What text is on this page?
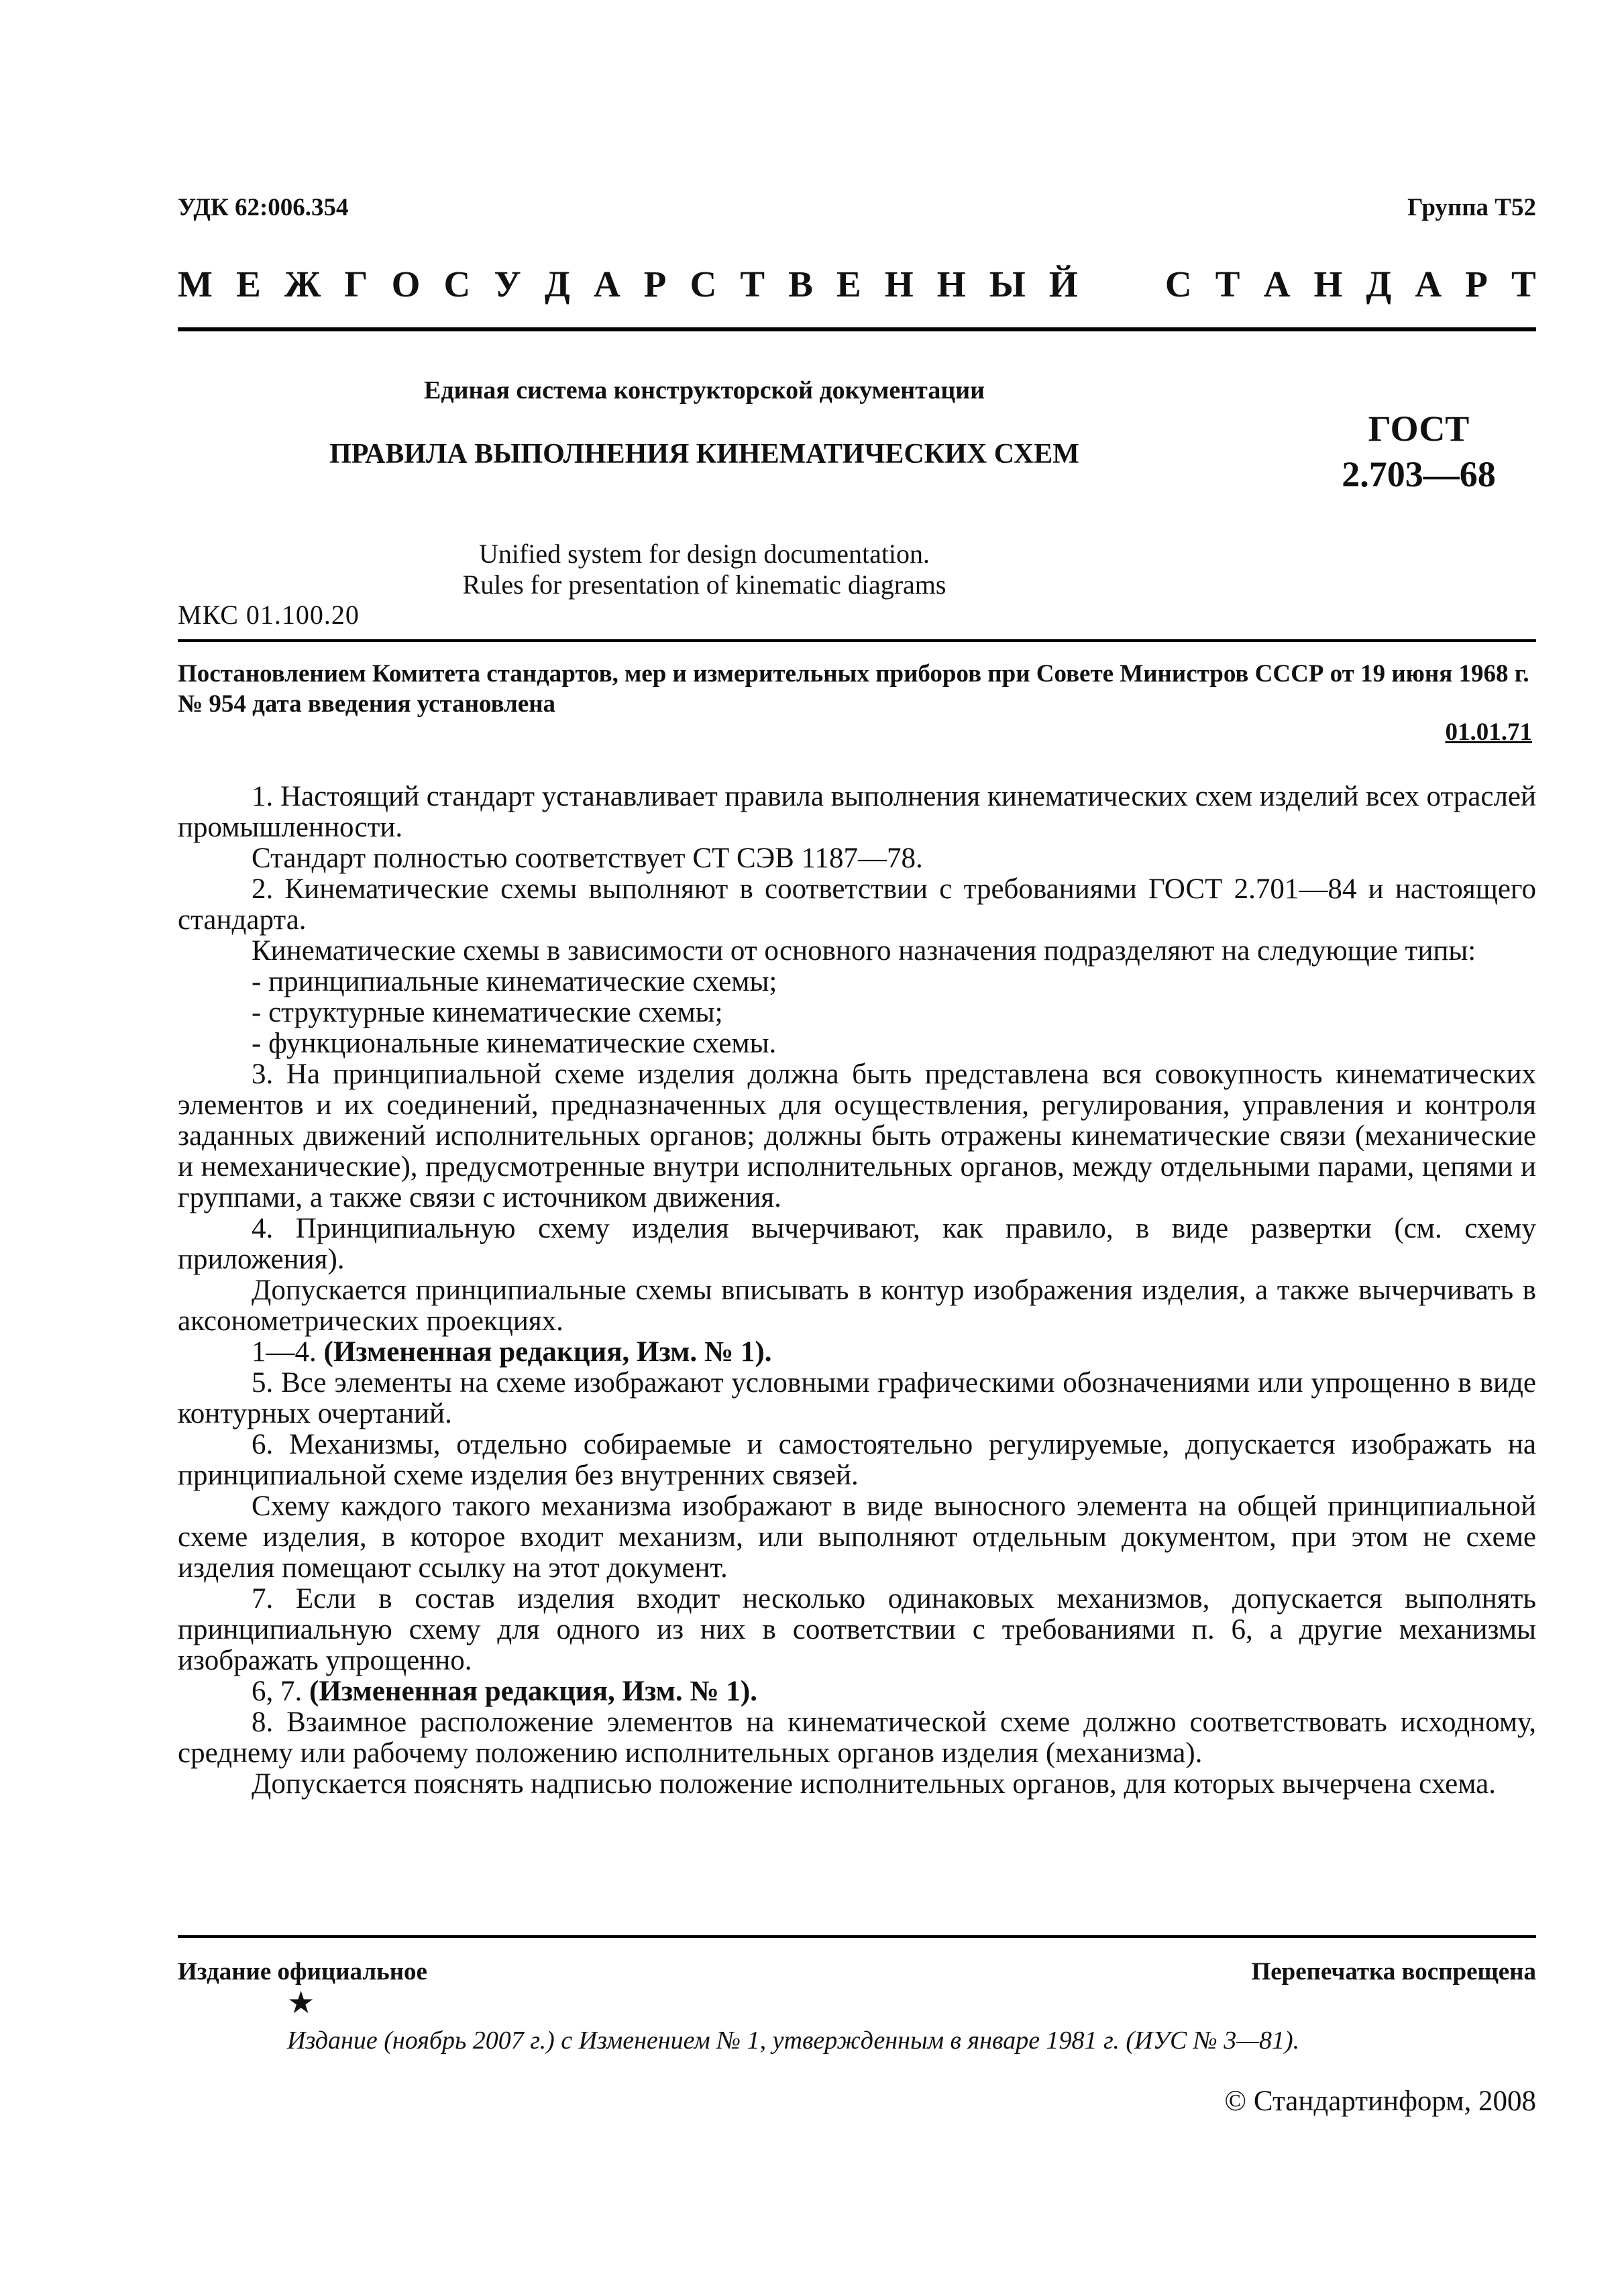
УДК 62:006.354	Группа Т52
М Е Ж Г О С У Д А Р С Т В Е Н Н Ы Й С Т А Н Д А Р Т
Единая система конструкторской документации
ПРАВИЛА ВЫПОЛНЕНИЯ КИНЕМАТИЧЕСКИХ СХЕМ
ГОСТ
2.703—68
Unified system for design documentation.
Rules for presentation of kinematic diagrams
МКС 01.100.20
Постановлением Комитета стандартов, мер и измерительных приборов при Совете Министров СССР от 19 июня 1968 г. № 954 дата введения установлена
01.01.71

1. Настоящий стандарт устанавливает правила выполнения кинематических схем изделий всех отраслей промышленности.

Стандарт полностью соответствует СТ СЭВ 1187—78.

2. Кинематические схемы выполняют в соответствии с требованиями ГОСТ 2.701—84 и настоящего стандарта.

Кинематические схемы в зависимости от основного назначения подразделяют на следующие типы:

- принципиальные кинематические схемы;

- структурные кинематические схемы;

- функциональные кинематические схемы.

3. На принципиальной схеме изделия должна быть представлена вся совокупность кинематических элементов и их соединений, предназначенных для осуществления, регулирования, управления и контроля заданных движений исполнительных органов; должны быть отражены кинематические связи (механические и немеханические), предусмотренные внутри исполнительных органов, между отдельными парами, цепями и группами, а также связи с источником движения.

4. Принципиальную схему изделия вычерчивают, как правило, в виде развертки (см. схему приложения).

Допускается принципиальные схемы вписывать в контур изображения изделия, а также вычерчивать в аксонометрических проекциях.

1—4. (Измененная редакция, Изм. № 1).

5. Все элементы на схеме изображают условными графическими обозначениями или упрощенно в виде контурных очертаний.

6. Механизмы, отдельно собираемые и самостоятельно регулируемые, допускается изображать на принципиальной схеме изделия без внутренних связей.

Схему каждого такого механизма изображают в виде выносного элемента на общей принципиальной схеме изделия, в которое входит механизм, или выполняют отдельным документом, при этом не схеме изделия помещают ссылку на этот документ.

7. Если в состав изделия входит несколько одинаковых механизмов, допускается выполнять принципиальную схему для одного из них в соответствии с требованиями п. 6, а другие механизмы изображать упрощенно.

6, 7. (Измененная редакция, Изм. № 1).

8. Взаимное расположение элементов на кинематической схеме должно соответствовать исходному, среднему или рабочему положению исполнительных органов изделия (механизма).

Допускается пояснять надписью положение исполнительных органов, для которых вычерчена схема.

Издание официальное	Перепечатка воспрещена
★
Издание (ноябрь 2007 г.) с Изменением № 1, утвержденным в январе 1981 г. (ИУС № 3—81).
© Стандартинформ, 2008
